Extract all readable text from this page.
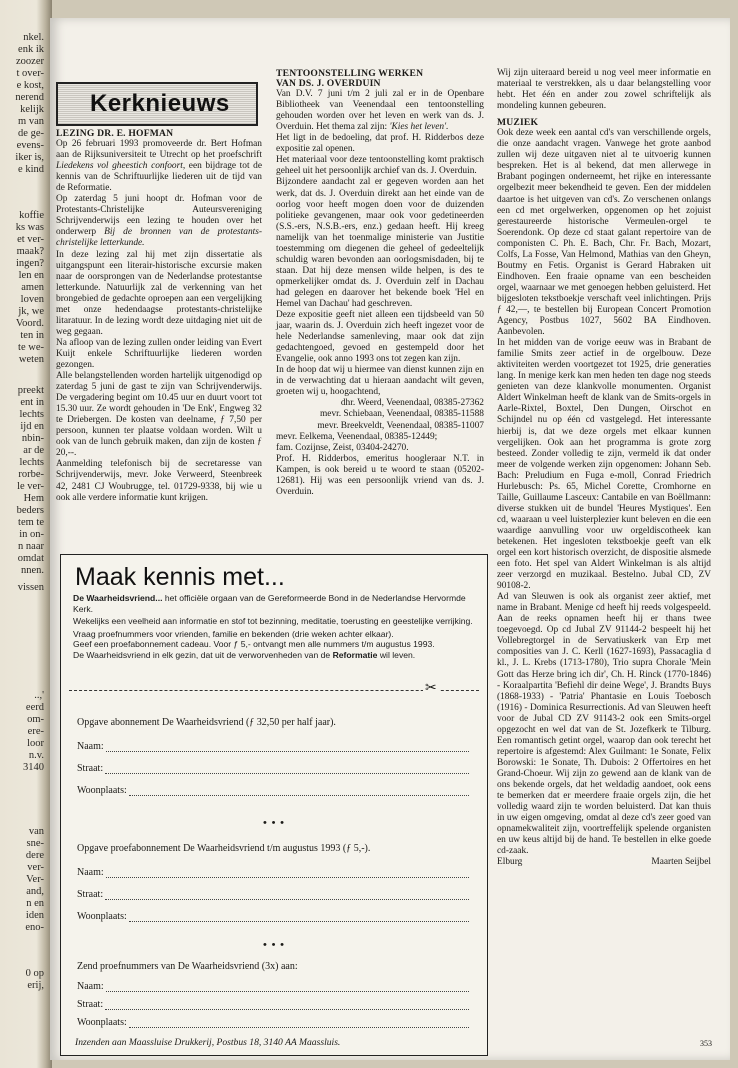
nkel.
enk ik
zoozer
t over-
e kost,
nerend
kelijk
m van
de ge-
evens-
iker is,
e kind
koffie
ks was
et ver-
maak?
ingen?
len en
amen
loven
jk, we
Voord.
ten in
te we-
weten
preekt
ent in
lechts
ijd en
nbin-
ar de
lechts
rorbe-
le ver-
Hem
beders
tem te
in on-
n naar
omdat
nnen.
vissen
..,'
eerd
om-
ere-
loor
n.v.
3140
van
sne-
dere
ver-
Ver-
and,
n en
iden
eno-
0 op
erij,
Kerknieuws

LEZING DR. E. HOFMAN

Op 26 februari 1993 promoveerde dr. Bert Hofman aan de Rijksuniversiteit te Utrecht op het proefschrift Liedekens vol gheestich confoort, een bijdrage tot de kennis van de Schriftuurlijke liederen uit de tijd van de Reformatie.

Op zaterdag 5 juni hoopt dr. Hofman voor de Protestants-Christelijke Auteursvereniging Schrijvenderwijs een lezing te houden over het onderwerp Bij de bronnen van de protestants-christelijke letterkunde.

In deze lezing zal hij met zijn dissertatie als uitgangspunt een literair-historische excursie maken naar de oorsprongen van de Nederlandse protestantse letterkunde. Natuurlijk zal de verkenning van het brongebied de gedachte oproepen aan een vergelijking met onze hedendaagse protestants-christelijke litaratuur. In de lezing wordt deze uitdaging niet uit de weg gegaan.

Na afloop van de lezing zullen onder leiding van Evert Kuijt enkele Schriftuurlijke liederen worden gezongen.

Alle belangstellenden worden hartelijk uitgenodigd op zaterdag 5 juni de gast te zijn van Schrijvenderwijs. De vergadering begint om 10.45 uur en duurt voort tot 15.30 uur. Ze wordt gehouden in 'De Enk', Engweg 32 te Driebergen. De kosten van deelname, ƒ 7,50 per persoon, kunnen ter plaatse voldaan worden. Wilt u ook van de lunch gebruik maken, dan zijn de kosten ƒ 20,--.

Aanmelding telefonisch bij de secretaresse van Schrijvenderwijs, mevr. Joke Verweerd, Steenbreek 42, 2481 CJ Woubrugge, tel. 01729-9338, bij wie u ook alle verdere informatie kunt krijgen.

TENTOONSTELLING WERKEN

VAN DS. J. OVERDUIN

Van D.V. 7 juni t/m 2 juli zal er in de Openbare Bibliotheek van Veenendaal een tentoonstelling gehouden worden over het leven en werk van ds. J. Overduin. Het thema zal zijn: 'Kies het leven'.

Het ligt in de bedoeling, dat prof. H. Ridderbos deze expositie zal openen.

Het materiaal voor deze tentoonstelling komt praktisch geheel uit het persoonlijk archief van ds. J. Overduin.

Bijzondere aandacht zal er gegeven worden aan het werk, dat ds. J. Overduin direkt aan het einde van de oorlog voor heeft mogen doen voor de duizenden politieke gevangenen, maar ook voor gedetineerden (S.S.-ers, N.S.B.-ers, enz.) gedaan heeft. Hij kreeg namelijk van het toenmalige ministerie van Justitie toestemming om diegenen die geheel of gedeeltelijk schuldig waren bevonden aan oorlogsmisdaden, bij te staan. Dat hij deze mensen wilde helpen, is des te opmerkelijker omdat ds. J. Overduin zelf in Dachau had gelegen en daarover het bekende boek 'Hel en Hemel van Dachau' had geschreven.

Deze expositie geeft niet alleen een tijdsbeeld van 50 jaar, waarin ds. J. Overduin zich heeft ingezet voor de hele Nederlandse samenleving, maar ook dat zijn gedachtengoed, gevoed en gestempeld door het Evangelie, ook anno 1993 ons tot zegen kan zijn.

In de hoop dat wij u hiermee van dienst kunnen zijn en in de verwachting dat u hieraan aandacht wilt geven, groeten wij u, hoogachtend,

dhr. Weerd, Veenendaal, 08385-27362

mevr. Schiebaan, Veenendaal, 08385-11588

mevr. Breekveldt, Veenendaal, 08385-11007

mevr. Eelkema, Veenendaal, 08385-12449;

fam. Cozijnse, Zeist, 03404-24270.

Prof. H. Ridderbos, emeritus hoogleraar N.T. in Kampen, is ook bereid u te woord te staan (05202-12681). Hij was een persoonlijk vriend van ds. J. Overduin.

Wij zijn uiteraard bereid u nog veel meer informatie en materiaal te verstrekken, als u daar belangstelling voor hebt. Het één en ander zou zowel schriftelijk als mondeling kunnen gebeuren.

MUZIEK

Ook deze week een aantal cd's van verschillende orgels, die onze aandacht vragen. Vanwege het grote aanbod zullen wij deze uitgaven niet al te uitvoerig kunnen bespreken. Het is al bekend, dat men allerwege in Brabant pogingen onderneemt, het rijke en interessante orgelbezit meer bekendheid te geven. Een der middelen daartoe is het uitgeven van cd's. Zo verschenen onlangs een cd met orgelwerken, opgenomen op het zojuist gerestaureerde historische Vermeulen-orgel te Soerendonk. Op deze cd staat galant repertoire van de componisten C. Ph. E. Bach, Chr. Fr. Bach, Mozart, Colfs, La Fosse, Van Helmond, Mathias van den Gheyn, Boutmy en Fetis. Organist is Gerard Habraken uit Eindhoven. Een fraaie opname van een bescheiden orgel, waarnaar we met genoegen hebben geluisterd. Het bijgesloten tekstboekje verschaft veel inlichtingen. Prijs ƒ 42,—, te bestellen bij European Concert Promotion Agency, Postbus 1027, 5602 BA Eindhoven. Aanbevolen.

In het midden van de vorige eeuw was in Brabant de familie Smits zeer actief in de orgelbouw. Deze aktiviteiten werden voortgezet tot 1925, drie generaties lang. In menige kerk kan men heden ten dage nog steeds genieten van deze klankvolle monumenten. Organist Aldert Winkelman heeft de klank van de Smits-orgels in Aarle-Rixtel, Boxtel, Den Dungen, Oirschot en Schijndel nu op één cd vastgelegd. Het interessante hierbij is, dat we deze orgels met elkaar kunnen vergelijken. Ook aan het programma is grote zorg besteed. Zonder volledig te zijn, vermeld ik dat onder meer de volgende werken zijn opgenomen: Johann Seb. Bach: Preludium en Fuga e-moll, Conrad Friedrich Hurlebusch: Ps. 65, Michel Corette, Cromhorne en Taille, Guillaume Lasceux: Cantabile en van Boëllmann: diverse stukken uit de bundel 'Heures Mystiques'. Een cd, waaraan u veel luisterplezier kunt beleven en die een waardige aanvulling voor uw orgeldiscotheek kan betekenen. Het ingesloten tekstboekje geeft van elk orgel een kort historisch overzicht, de dispositie alsmede een foto. Het spel van Aldert Winkelman is als altijd zeer verzorgd en muzikaal. Bestelno. Jubal CD, ZV 90108-2.

Ad van Sleuwen is ook als organist zeer aktief, met name in Brabant. Menige cd heeft hij reeds volgespeeld. Aan de reeks opnamen heeft hij er thans twee toegevoegd. Op cd Jubal ZV 91144-2 bespeelt hij het Vollebregtorgel in de Servatiuskerk van Erp met composities van J. C. Kerll (1627-1693), Passacaglia d kl., J. L. Krebs (1713-1780), Trio supra Chorale 'Mein Gott das Herze bring ich dir', Ch. H. Rinck (1770-1846) - Koraalpartita 'Befiehl dir deine Wege', J. Brandts Buys (1868-1933) - 'Patria' Phantasie en Louis Toebosch (1916) - Dominica Resurrectionis. Ad van Sleuwen heeft voor de Jubal CD ZV 91143-2 ook een Smits-orgel opgezocht en wel dat van de St. Jozefkerk te Tilburg. Een romantisch getint orgel, waarop dan ook terecht het repertoire is afgestemd: Alex Guilmant: 1e Sonate, Felix Borowski: 1e Sonate, Th. Dubois: 2 Offertoires en het Grand-Choeur. Wij zijn zo gewend aan de klank van de ons bekende orgels, dat het weldadig aandoet, ook eens te bemerken dat er meerdere fraaie orgels zijn, die het volledig waard zijn te worden beluisterd. Dat kan thuis in uw eigen omgeving, omdat al deze cd's zeer goed van opnamekwaliteit zijn, voortreffelijk spelende organisten en uw keus altijd bij de hand. Te bestellen in elke goede cd-zaak.

Elburg	Maarten Seijbel

Maak kennis met...

De Waarheidsvriend... het officiële orgaan van de Gereformeerde Bond in de Nederlandse Hervormde Kerk.

Wekelijks een veelheid aan informatie en stof tot bezinning, meditatie, toerusting en geestelijke verrijking.

Vraag proefnummers voor vrienden, familie en bekenden (drie weken achter elkaar).

Geef een proefabonnement cadeau. Voor ƒ 5,- ontvangt men alle nummers t/m augustus 1993.

De Waarheidsvriend in elk gezin, dat uit de verworvenheden van de Reformatie wil leven.

✂
Opgave abonnement De Waarheidsvriend (ƒ 32,50 per half jaar).
Naam:
Straat:
Woonplaats:
• • •
Opgave proefabonnement De Waarheidsvriend t/m augustus 1993 (ƒ 5,-).
Naam:
Straat:
Woonplaats:
• • •
Zend proefnummers van De Waarheidsvriend (3x) aan:
Inzenden aan Maassluise Drukkerij, Postbus 18, 3140 AA Maassluis.
Naam:
Straat:
Woonplaats:
353
